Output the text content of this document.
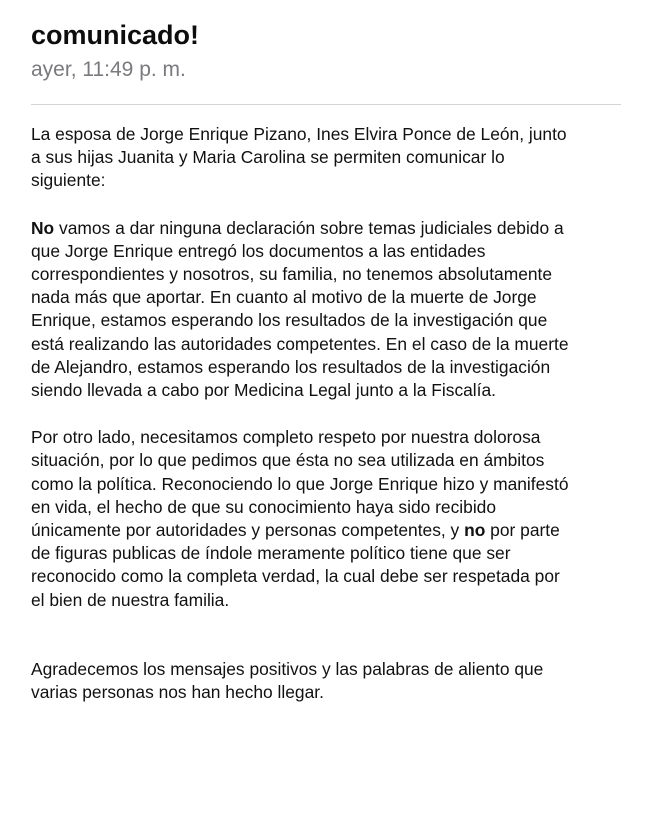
comunicado!
ayer, 11:49 p. m.
La esposa de Jorge Enrique Pizano, Ines Elvira Ponce de León, junto
a sus hijas Juanita y Maria Carolina se permiten comunicar lo
siguiente:
No vamos a dar ninguna declaración sobre temas judiciales debido a
que Jorge Enrique entregó los documentos a las entidades
correspondientes y nosotros, su familia, no tenemos absolutamente
nada más que aportar. En cuanto al motivo de la muerte de Jorge
Enrique, estamos esperando los resultados de la investigación que
está realizando las autoridades competentes. En el caso de la muerte
de Alejandro, estamos esperando los resultados de la investigación
siendo llevada a cabo por Medicina Legal junto a la Fiscalía.
Por otro lado, necesitamos completo respeto por nuestra dolorosa
situación, por lo que pedimos que ésta no sea utilizada en ámbitos
como la política. Reconociendo lo que Jorge Enrique hizo y manifestó
en vida, el hecho de que su conocimiento haya sido recibido
únicamente por autoridades y personas competentes, y no por parte
de figuras publicas de índole meramente político tiene que ser
reconocido como la completa verdad, la cual debe ser respetada por
el bien de nuestra familia.
Agradecemos los mensajes positivos y las palabras de aliento que
varias personas nos han hecho llegar.
